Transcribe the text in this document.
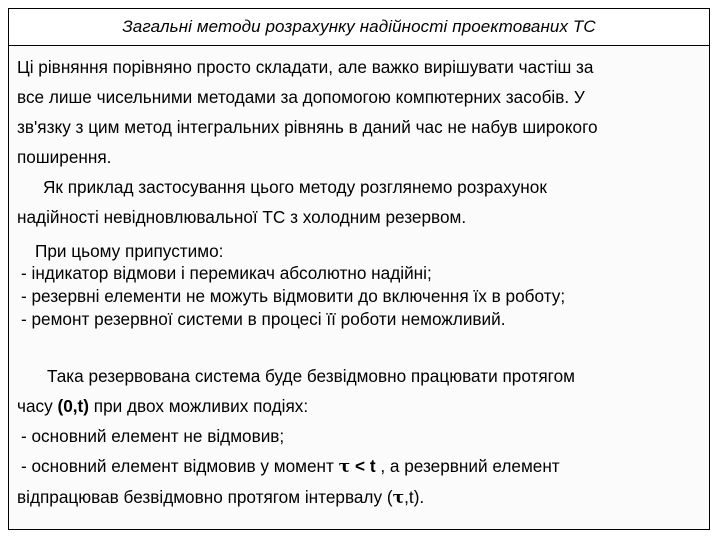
Загальні методи розрахунку надійності проектованих ТС

Ці рівняння порівняно просто складати, але важко вирішувати частіш за
все лише чисельними методами за допомогою компютерних засобів. У
зв'язку з цим метод інтегральних рівнянь в даний час не набув широкого
поширення.

Як приклад застосування цього методу розглянемо розрахунок
надійності невідновлювальної ТС з холодним резервом.

При цьому припустимо:
- індикатор відмови і перемикач абсолютно надійні;
- резервні елементи не можуть відмовити до включення їх в роботу;
- ремонт резервної системи в процесі її роботи неможливий.

Така резервована система буде безвідмовно працювати протягом
часу (0,t) при двох можливих подіях:

- основний елемент не відмовив;
- основний елемент відмовив у момент τ < t , а резервний елемент
відпрацював безвідмовно протягом інтервалу (τ,t).
